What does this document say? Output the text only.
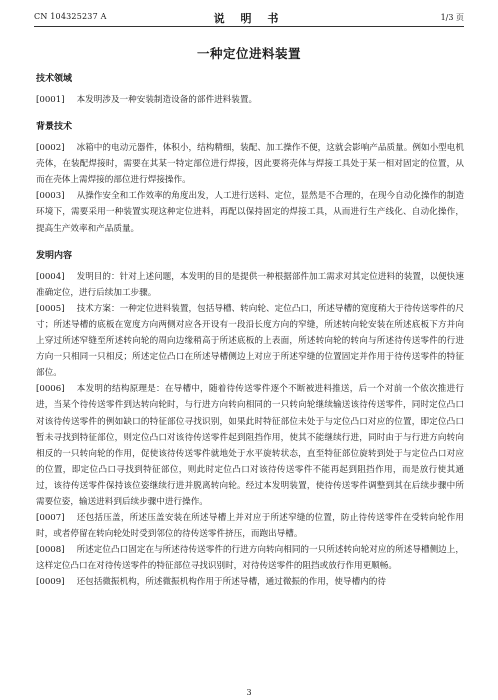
CN 104325237 A	说 明 书	1/3 页
一种定位进料装置

技术领域

[0001] 本发明涉及一种安装制造设备的部件进料装置。

背景技术

[0002] 冰箱中的电动元器件，体积小，结构精细，装配、加工操作不便，这就会影响产品质量。例如小型电机壳体，在装配焊接时，需要在其某一特定部位进行焊接，因此要将壳体与焊接工具处于某一相对固定的位置，从而在壳体上需焊接的部位进行焊接操作。

[0003] 从操作安全和工作效率的角度出发，人工进行送料、定位，显然是不合理的，在现今自动化操作的制造环境下，需要采用一种装置实现这种定位进料，再配以保持固定的焊接工具，从而进行生产线化、自动化操作，提高生产效率和产品质量。

发明内容

[0004] 发明目的：针对上述问题，本发明的目的是提供一种根据部件加工需求对其定位进料的装置，以便快速准确定位，进行后续加工步骤。

[0005] 技术方案：一种定位进料装置，包括导槽、转向轮、定位凸口，所述导槽的宽度稍大于待传送零件的尺寸；所述导槽的底板在宽度方向两侧对应各开设有一段沿长度方向的窄缝，所述转向轮安装在所述底板下方并向上穿过所述窄缝至所述转向轮的周向边缘稍高于所述底板的上表面，所述转向轮的转向与所述待传送零件的行进方向一只相同一只相反；所述定位凸口在所述导槽侧边上对应于所述窄缝的位置固定并作用于待传送零件的特征部位。

[0006] 本发明的结构原理是：在导槽中，随着待传送零件逐个不断被进料推送，后一个对前一个依次推进行进，当某个待传送零件到达转向轮时，与行进方向转向相同的一只转向轮继续输送该待传送零件，同时定位凸口对该待传送零件的例如缺口的特征部位寻找识别，如果此时特征部位未处于与定位凸口对应的位置，即定位凸口暂未寻找到特征部位，则定位凸口对该待传送零件起到阻挡作用，使其不能继续行进，同时由于与行进方向转向相反的一只转向轮的作用，促使该待传送零件就地处于水平旋转状态，直至特征部位旋转到处于与定位凸口对应的位置，即定位凸口寻找到特征部位，则此时定位凸口对该待传送零件不能再起到阻挡作用，而是放行使其通过，该待传送零件保持该位姿继续行进并脱离转向轮。经过本发明装置，使待传送零件调整到其在后续步骤中所需要位姿，输送进料到后续步骤中进行操作。

[0007] 还包括压盖，所述压盖安装在所述导槽上并对应于所述窄缝的位置，防止待传送零件在受转向轮作用时，或者停留在转向轮处时受到邻位的待传送零件挤压，而跑出导槽。

[0008] 所述定位凸口固定在与所述待传送零件的行进方向转向相同的一只所述转向轮对应的所述导槽侧边上，这样定位凸口在对待传送零件的特征部位寻找识别时，对待传送零件的阻挡或放行作用更顺畅。

[0009] 还包括微振机构，所述微振机构作用于所述导槽，通过微振的作用，使导槽内的待

3
